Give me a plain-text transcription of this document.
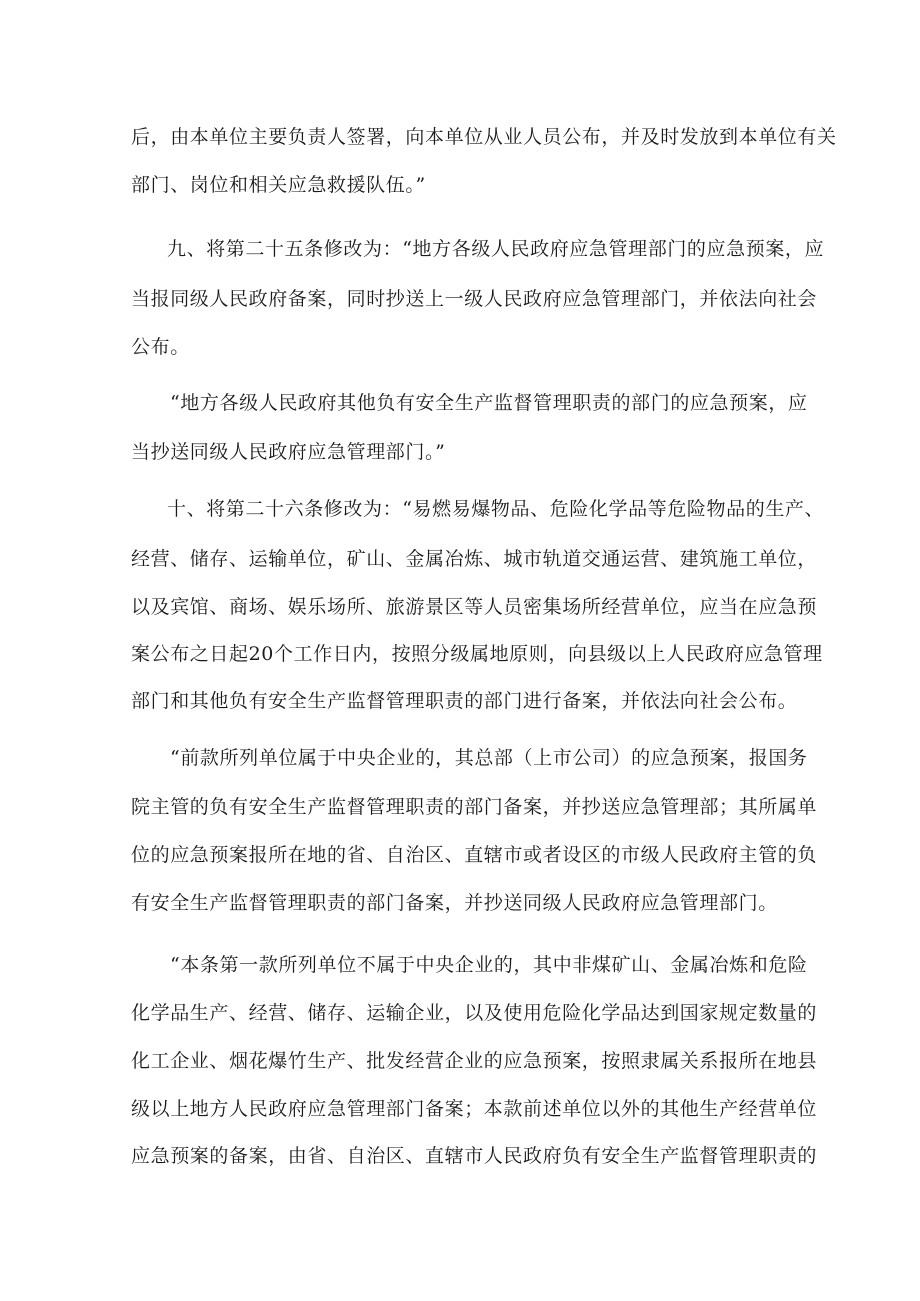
后，由本单位主要负责人签署，向本单位从业人员公布，并及时发放到本单位有关
部门、岗位和相关应急救援队伍。”
九、将第二十五条修改为：“地方各级人民政府应急管理部门的应急预案，应
当报同级人民政府备案，同时抄送上一级人民政府应急管理部门，并依法向社会
公布。
“地方各级人民政府其他负有安全生产监督管理职责的部门的应急预案，应
当抄送同级人民政府应急管理部门。”
十、将第二十六条修改为：“易燃易爆物品、危险化学品等危险物品的生产、
经营、储存、运输单位，矿山、金属冶炼、城市轨道交通运营、建筑施工单位，
以及宾馆、商场、娱乐场所、旅游景区等人员密集场所经营单位，应当在应急预
案公布之日起20个工作日内，按照分级属地原则，向县级以上人民政府应急管理
部门和其他负有安全生产监督管理职责的部门进行备案，并依法向社会公布。
“前款所列单位属于中央企业的，其总部（上市公司）的应急预案，报国务
院主管的负有安全生产监督管理职责的部门备案，并抄送应急管理部；其所属单
位的应急预案报所在地的省、自治区、直辖市或者设区的市级人民政府主管的负
有安全生产监督管理职责的部门备案，并抄送同级人民政府应急管理部门。
“本条第一款所列单位不属于中央企业的，其中非煤矿山、金属冶炼和危险
化学品生产、经营、储存、运输企业，以及使用危险化学品达到国家规定数量的
化工企业、烟花爆竹生产、批发经营企业的应急预案，按照隶属关系报所在地县
级以上地方人民政府应急管理部门备案；本款前述单位以外的其他生产经营单位
应急预案的备案，由省、自治区、直辖市人民政府负有安全生产监督管理职责的
